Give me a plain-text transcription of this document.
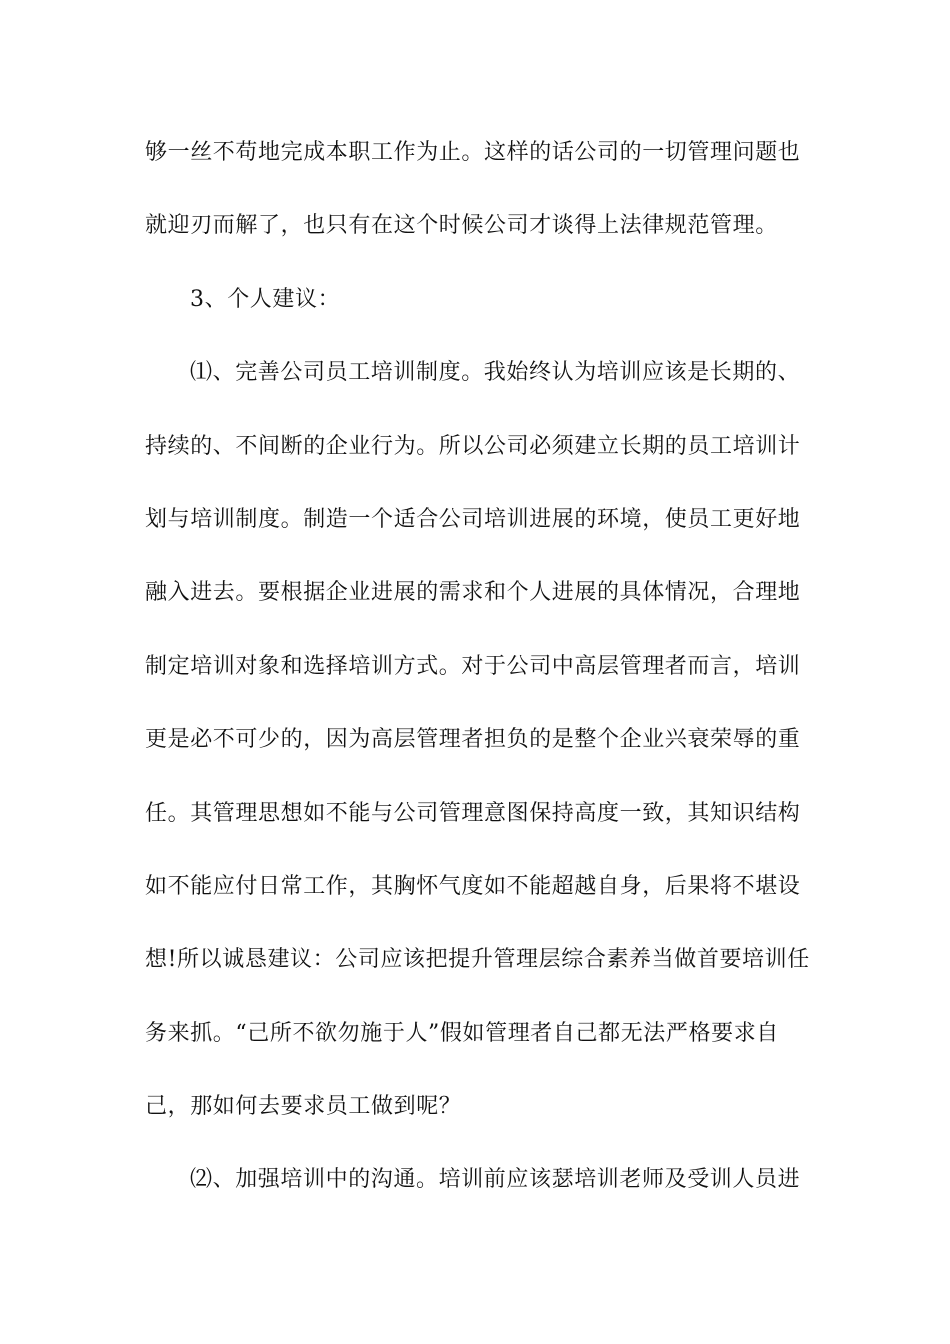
够一丝不苟地完成本职工作为止。这样的话公司的一切管理问题也
就迎刃而解了，也只有在这个时候公司才谈得上法律规范管理。
3、个人建议：
⑴、完善公司员工培训制度。我始终认为培训应该是长期的、
持续的、不间断的企业行为。所以公司必须建立长期的员工培训计
划与培训制度。制造一个适合公司培训进展的环境，使员工更好地
融入进去。要根据企业进展的需求和个人进展的具体情况，合理地
制定培训对象和选择培训方式。对于公司中高层管理者而言，培训
更是必不可少的，因为高层管理者担负的是整个企业兴衰荣辱的重
任。其管理思想如不能与公司管理意图保持高度一致，其知识结构
如不能应付日常工作，其胸怀气度如不能超越自身，后果将不堪设
想!所以诚恳建议：公司应该把提升管理层综合素养当做首要培训任
务来抓。“己所不欲勿施于人”假如管理者自己都无法严格要求自
己，那如何去要求员工做到呢？
⑵、加强培训中的沟通。培训前应该瑟培训老师及受训人员进
